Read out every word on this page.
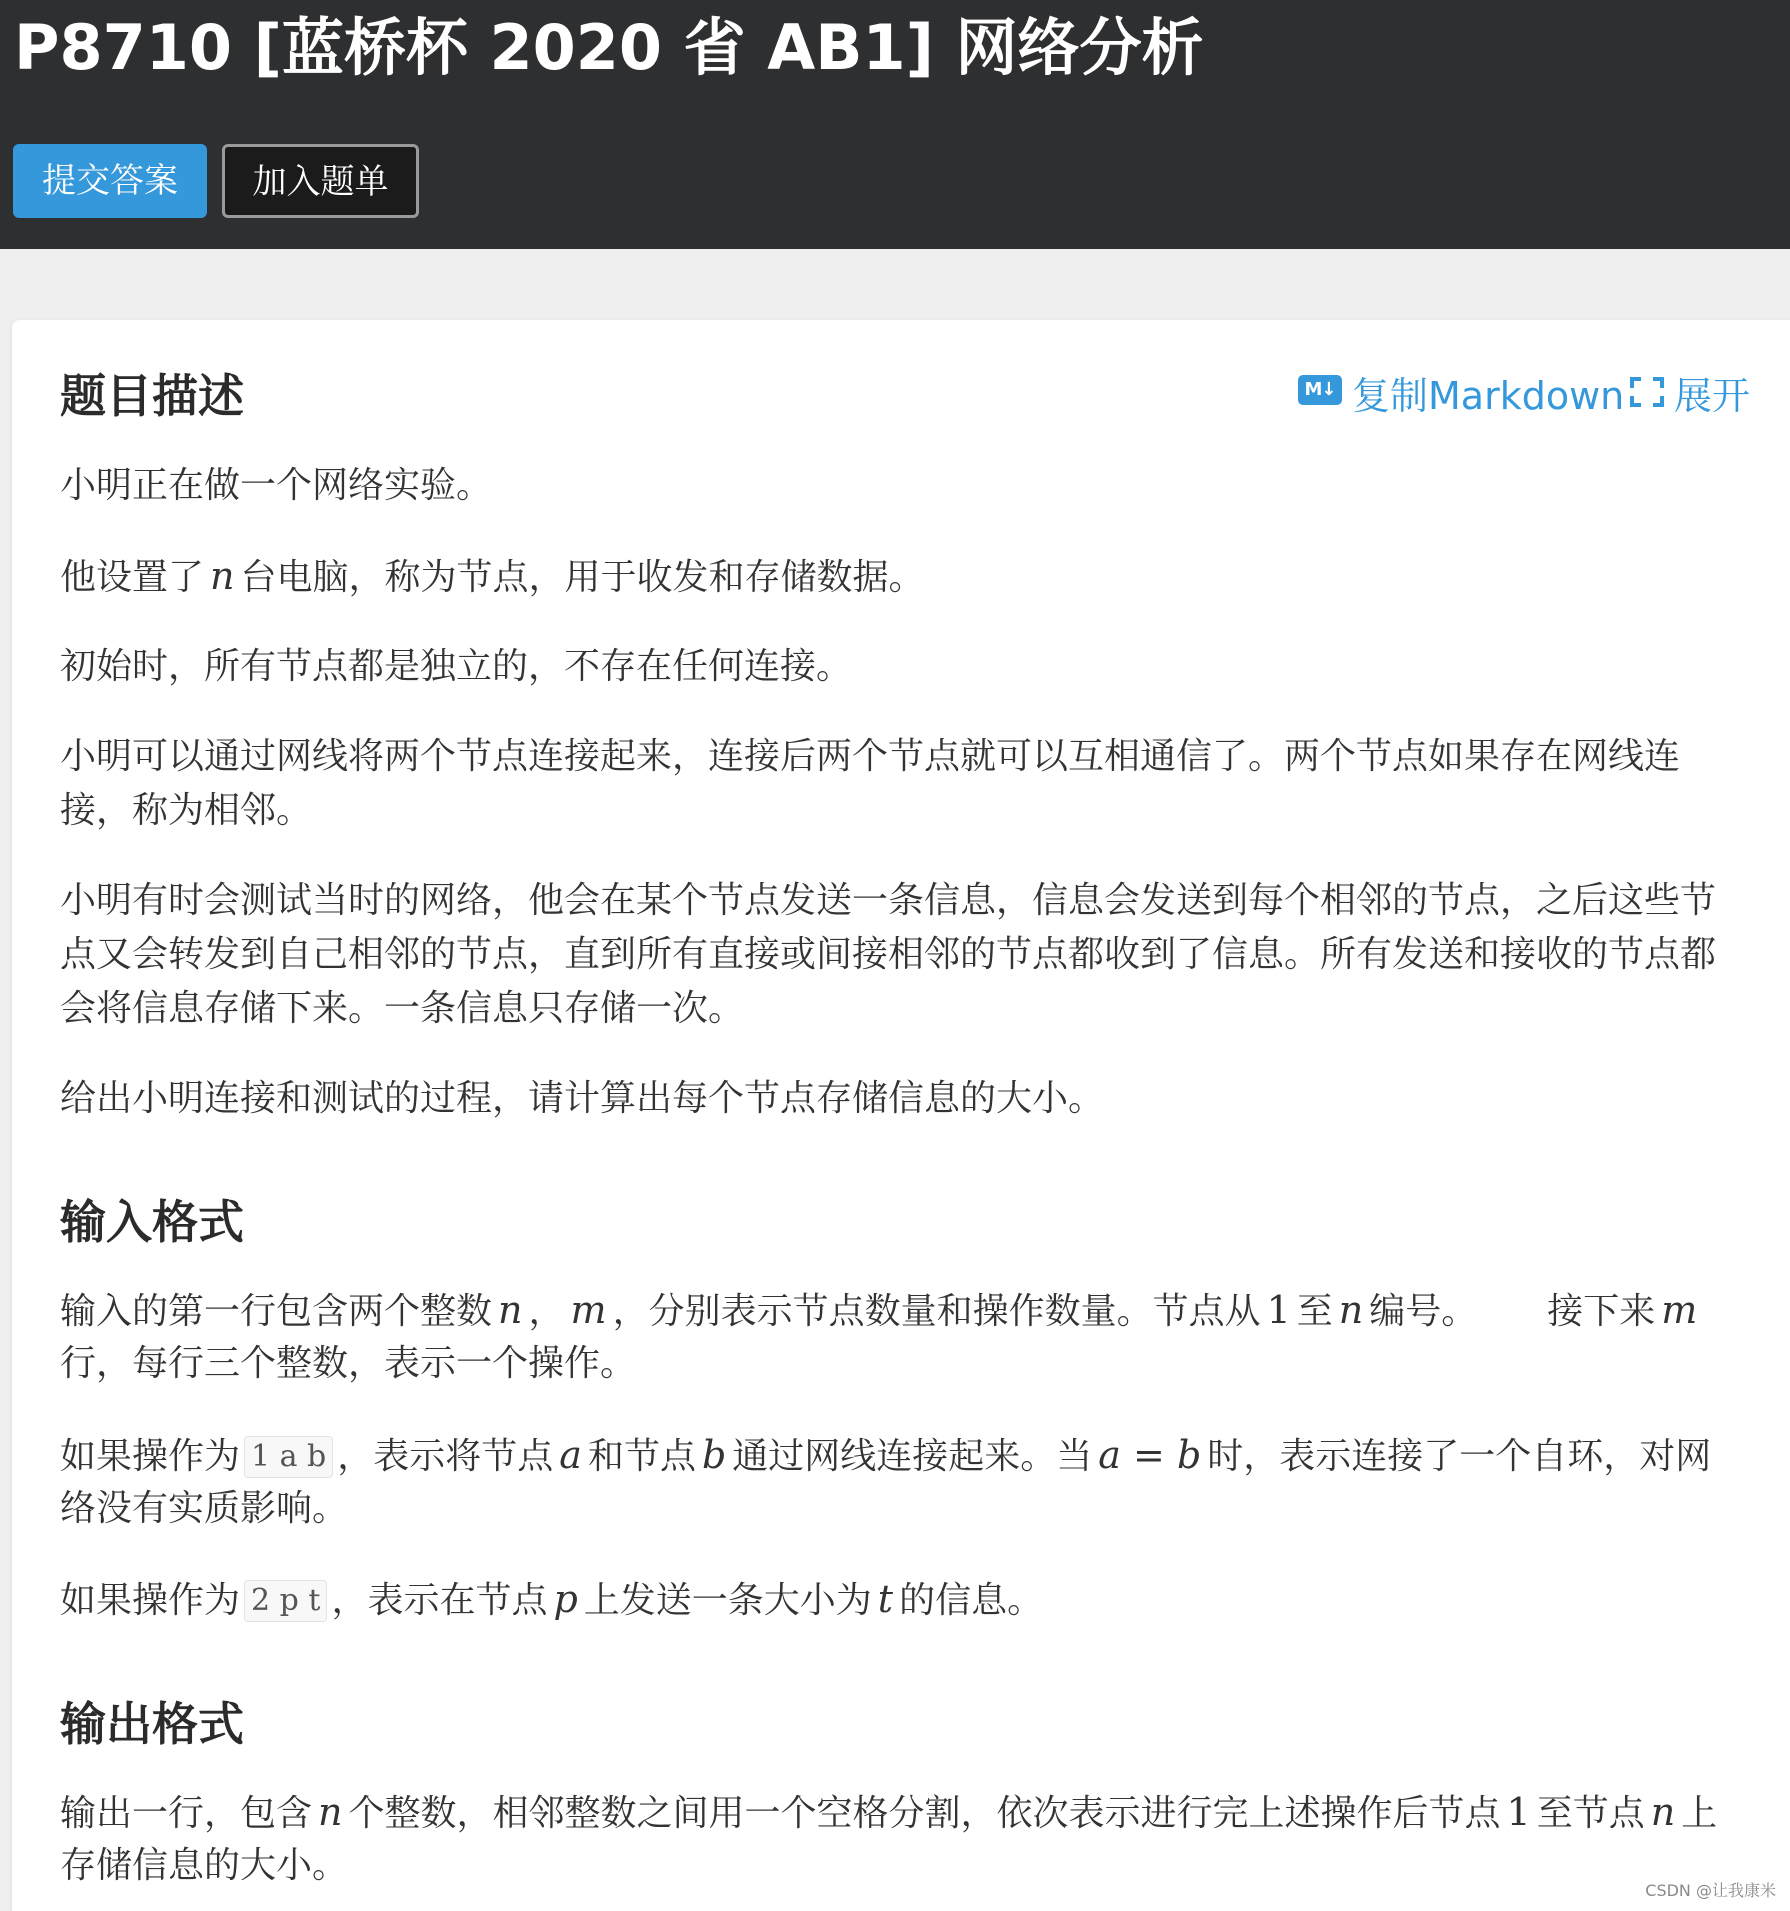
P8710 [蓝桥杯 2020 省 AB1] 网络分析
提交答案	加入题单
题目描述	M↓ 复制Markdown	展开
小明正在做一个网络实验。
他设置了 n 台电脑，称为节点，用于收发和存储数据。
初始时，所有节点都是独立的，不存在任何连接。
小明可以通过网线将两个节点连接起来，连接后两个节点就可以互相通信了。两个节点如果存在网线连
接，称为相邻。
小明有时会测试当时的网络，他会在某个节点发送一条信息，信息会发送到每个相邻的节点，之后这些节
点又会转发到自己相邻的节点，直到所有直接或间接相邻的节点都收到了信息。所有发送和接收的节点都
会将信息存储下来。一条信息只存储一次。
给出小明连接和测试的过程，请计算出每个节点存储信息的大小。
输入格式
输入的第一行包含两个整数 n ， m ，分别表示节点数量和操作数量。节点从 1 至 n 编号。 接下来 m
行，每行三个整数，表示一个操作。
如果操作为 1 a b ，表示将节点 a 和节点 b 通过网线连接起来。当 a = b 时，表示连接了一个自环，对网
络没有实质影响。
如果操作为 2 p t ，表示在节点 p 上发送一条大小为 t 的信息。
输出格式
输出一行，包含 n 个整数，相邻整数之间用一个空格分割，依次表示进行完上述操作后节点 1 至节点 n 上
存储信息的大小。
CSDN @让我康米
